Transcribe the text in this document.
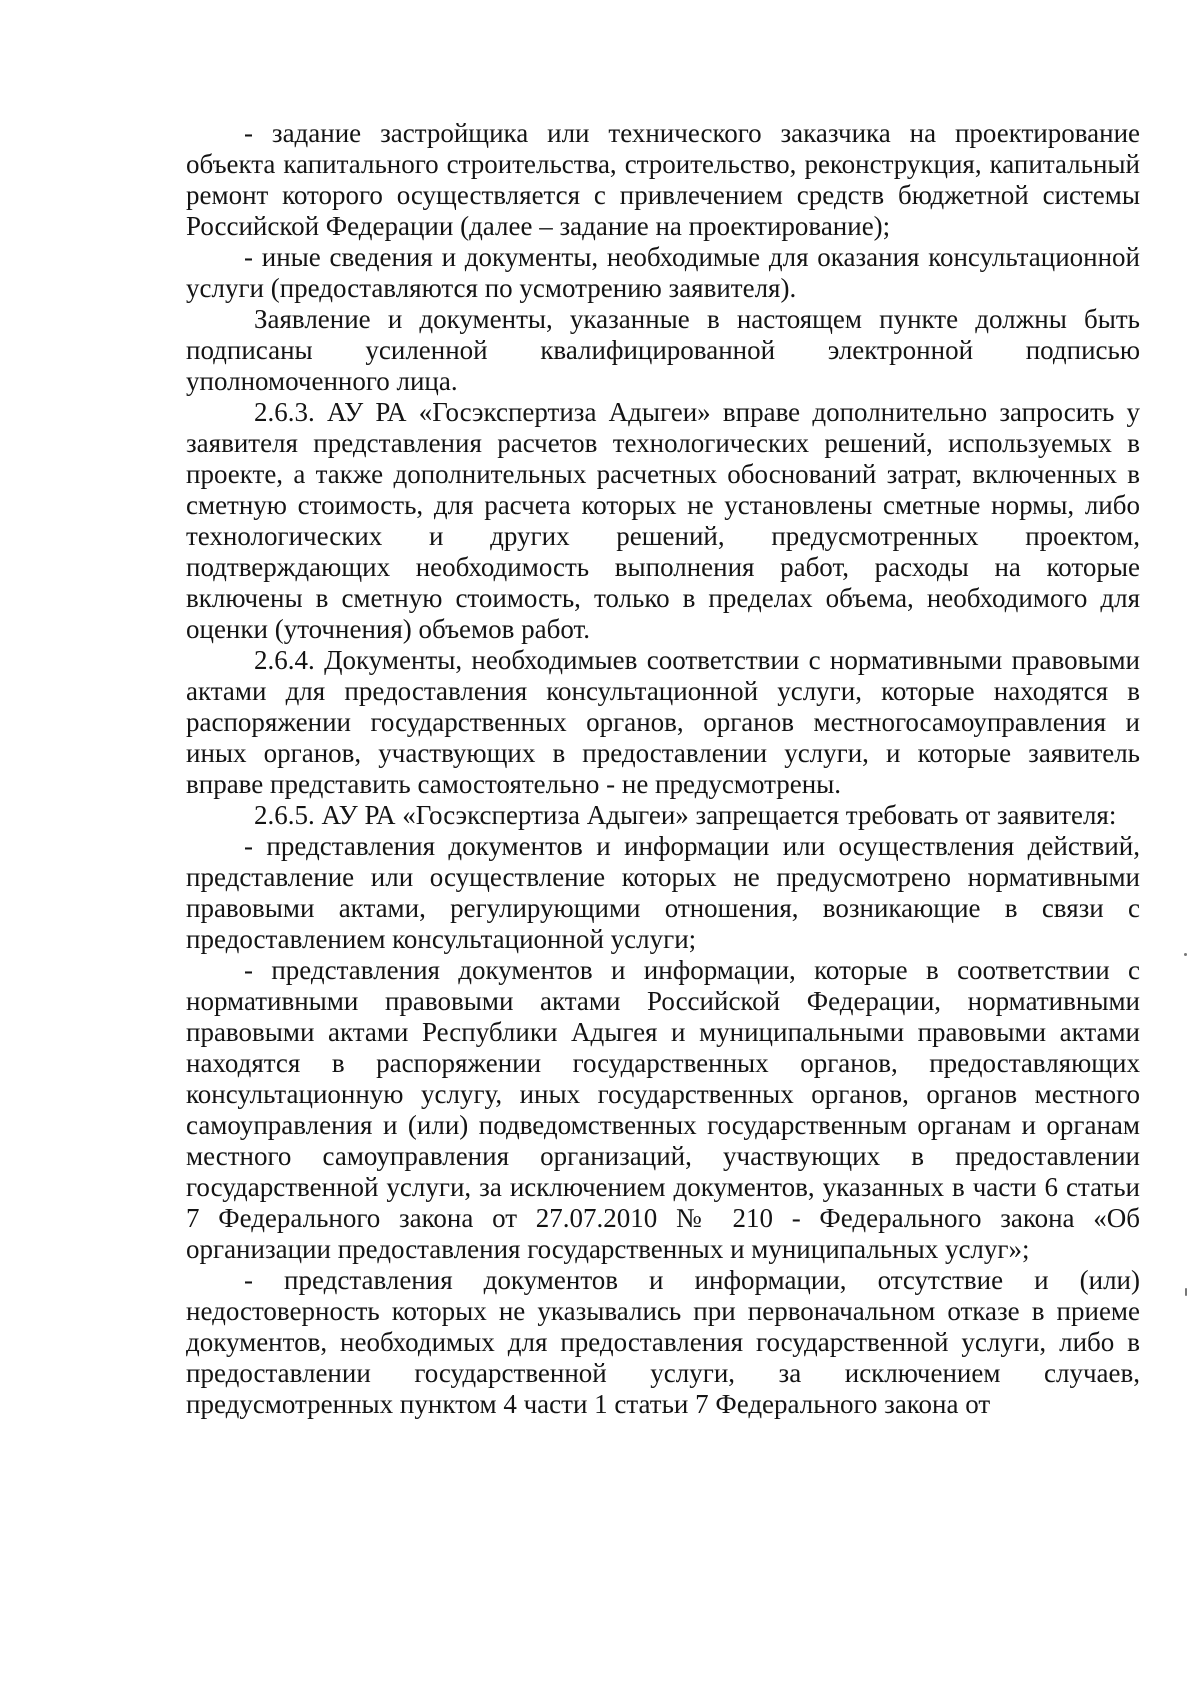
- задание застройщика или технического заказчика на проектирование объекта капитального строительства, строительство, реконструкция, капитальный ремонт которого осуществляется с привлечением средств бюджетной системы Российской Федерации (далее – задание на проектирование);

- иные сведения и документы, необходимые для оказания консультационной услуги (предоставляются по усмотрению заявителя).

Заявление и документы, указанные в настоящем пункте должны быть подписаны усиленной квалифицированной электронной подписью уполномоченного лица.

2.6.3. АУ РА «Госэкспертиза Адыгеи» вправе дополнительно запросить у заявителя представления расчетов технологических решений, используемых в проекте, а также дополнительных расчетных обоснований затрат, включенных в сметную стоимость, для расчета которых не установлены сметные нормы, либо технологических и других решений, предусмотренных проектом, подтверждающих необходимость выполнения работ, расходы на которые включены в сметную стоимость, только в пределах объема, необходимого для оценки (уточнения) объемов работ.

2.6.4. Документы, необходимыев соответствии с нормативными правовыми актами для предоставления консультационной услуги, которые находятся в распоряжении государственных органов, органов местногосамоуправления и иных органов, участвующих в предоставлении услуги, и которые заявитель вправе представить самостоятельно - не предусмотрены.

2.6.5. АУ РА «Госэкспертиза Адыгеи» запрещается требовать от заявителя:

- представления документов и информации или осуществления действий, представление или осуществление которых не предусмотрено нормативными правовыми актами, регулирующими отношения, возникающие в связи с предоставлением консультационной услуги;

- представления документов и информации, которые в соответствии с нормативными правовыми актами Российской Федерации, нормативными правовыми актами Республики Адыгея и муниципальными правовыми актами находятся в распоряжении государственных органов, предоставляющих консультационную услугу, иных государственных органов, органов местного самоуправления и (или) подведомственных государственным органам и органам местного самоуправления организаций, участвующих в предоставлении государственной услуги, за исключением документов, указанных в части 6 статьи 7 Федерального закона от 27.07.2010 № 210 - Федерального закона «Об организации предоставления государственных и муниципальных услуг»;

- представления документов и информации, отсутствие и (или) недостоверность которых не указывались при первоначальном отказе в приеме документов, необходимых для предоставления государственной услуги, либо в предоставлении государственной услуги, за исключением случаев, предусмотренных пунктом 4 части 1 статьи 7 Федерального закона от
